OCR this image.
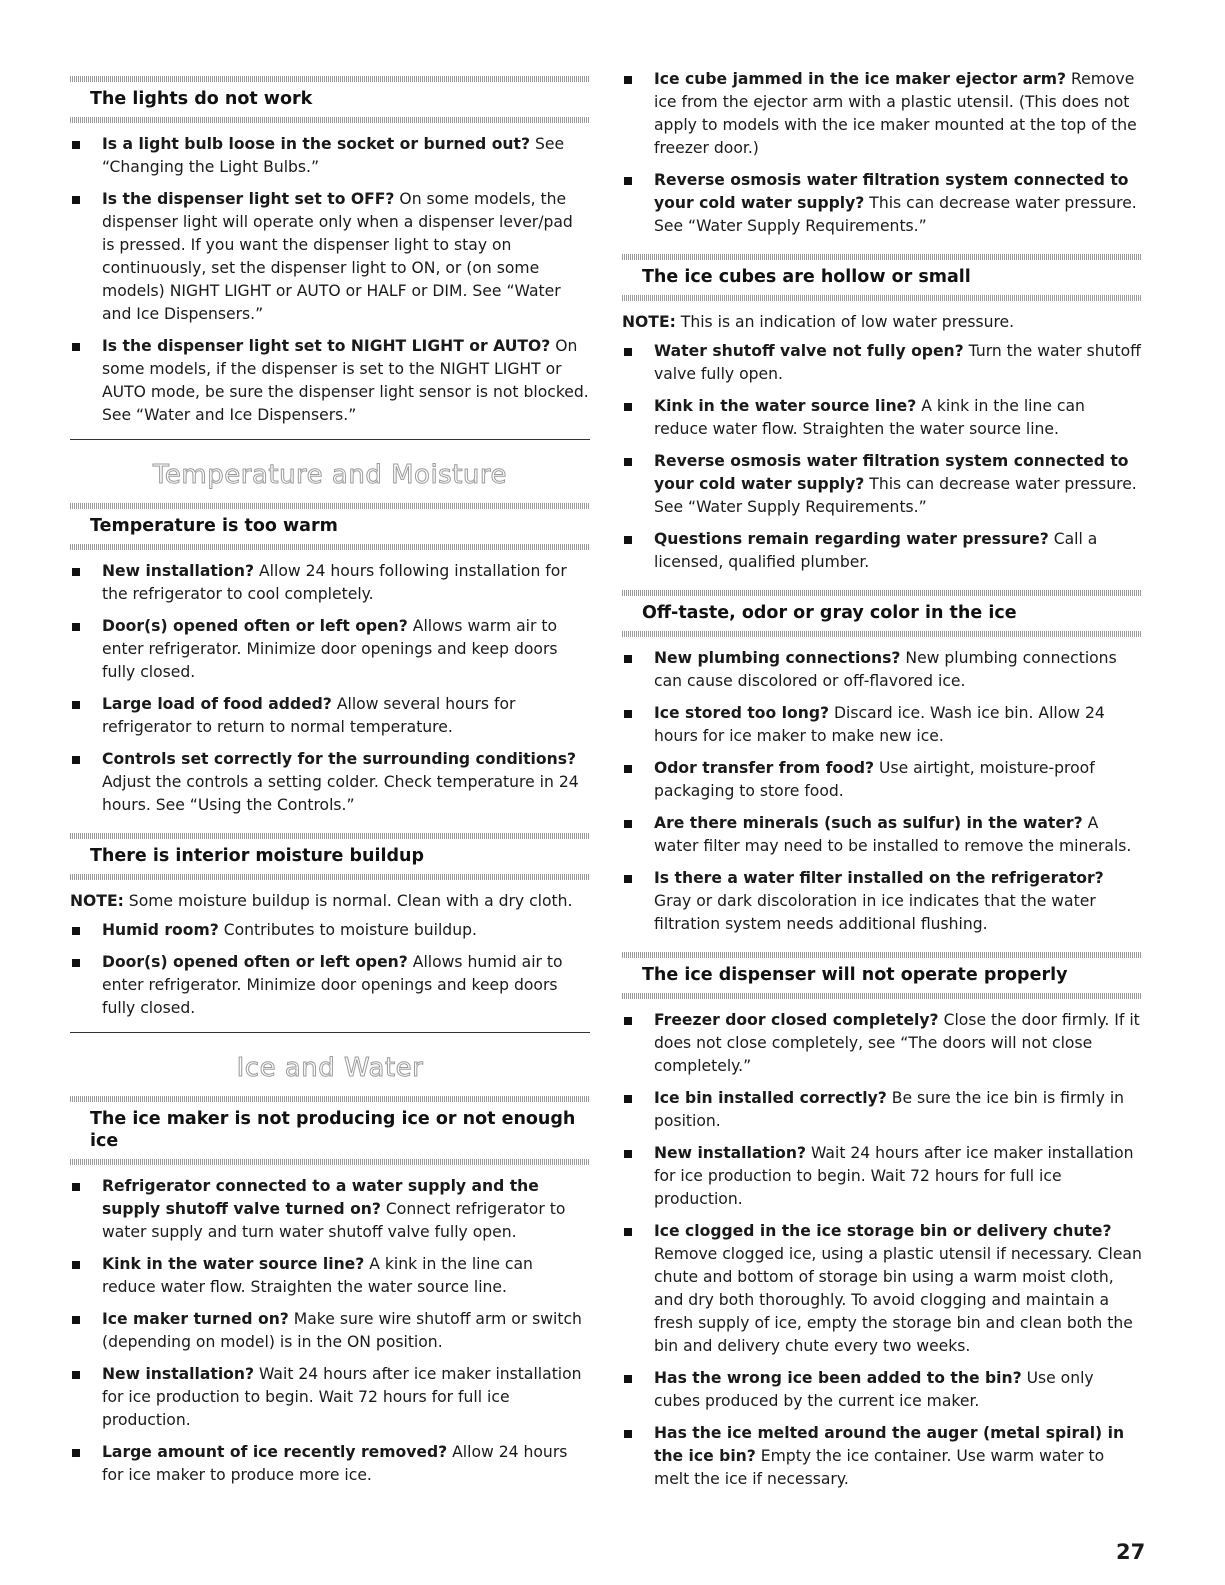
The lights do not work
Is a light bulb loose in the socket or burned out? See “Changing the Light Bulbs.”
Is the dispenser light set to OFF? On some models, the dispenser light will operate only when a dispenser lever/pad is pressed. If you want the dispenser light to stay on continuously, set the dispenser light to ON, or (on some models) NIGHT LIGHT or AUTO or HALF or DIM. See “Water and Ice Dispensers.”
Is the dispenser light set to NIGHT LIGHT or AUTO? On some models, if the dispenser is set to the NIGHT LIGHT or AUTO mode, be sure the dispenser light sensor is not blocked. See “Water and Ice Dispensers.”
Temperature and Moisture
Temperature is too warm
New installation? Allow 24 hours following installation for the refrigerator to cool completely.
Door(s) opened often or left open? Allows warm air to enter refrigerator. Minimize door openings and keep doors fully closed.
Large load of food added? Allow several hours for refrigerator to return to normal temperature.
Controls set correctly for the surrounding conditions? Adjust the controls a setting colder. Check temperature in 24 hours. See “Using the Controls.”
There is interior moisture buildup
NOTE: Some moisture buildup is normal. Clean with a dry cloth.
Humid room? Contributes to moisture buildup.
Door(s) opened often or left open? Allows humid air to enter refrigerator. Minimize door openings and keep doors fully closed.
Ice and Water
The ice maker is not producing ice or not enough ice
Refrigerator connected to a water supply and the supply shutoff valve turned on? Connect refrigerator to water supply and turn water shutoff valve fully open.
Kink in the water source line? A kink in the line can reduce water flow. Straighten the water source line.
Ice maker turned on? Make sure wire shutoff arm or switch (depending on model) is in the ON position.
New installation? Wait 24 hours after ice maker installation for ice production to begin. Wait 72 hours for full ice production.
Large amount of ice recently removed? Allow 24 hours for ice maker to produce more ice.
Ice cube jammed in the ice maker ejector arm? Remove ice from the ejector arm with a plastic utensil. (This does not apply to models with the ice maker mounted at the top of the freezer door.)
Reverse osmosis water filtration system connected to your cold water supply? This can decrease water pressure. See “Water Supply Requirements.”
The ice cubes are hollow or small
NOTE: This is an indication of low water pressure.
Water shutoff valve not fully open? Turn the water shutoff valve fully open.
Kink in the water source line? A kink in the line can reduce water flow. Straighten the water source line.
Reverse osmosis water filtration system connected to your cold water supply? This can decrease water pressure. See “Water Supply Requirements.”
Questions remain regarding water pressure? Call a licensed, qualified plumber.
Off-taste, odor or gray color in the ice
New plumbing connections? New plumbing connections can cause discolored or off-flavored ice.
Ice stored too long? Discard ice. Wash ice bin. Allow 24 hours for ice maker to make new ice.
Odor transfer from food? Use airtight, moisture-proof packaging to store food.
Are there minerals (such as sulfur) in the water? A water filter may need to be installed to remove the minerals.
Is there a water filter installed on the refrigerator? Gray or dark discoloration in ice indicates that the water filtration system needs additional flushing.
The ice dispenser will not operate properly
Freezer door closed completely? Close the door firmly. If it does not close completely, see “The doors will not close completely.”
Ice bin installed correctly? Be sure the ice bin is firmly in position.
New installation? Wait 24 hours after ice maker installation for ice production to begin. Wait 72 hours for full ice production.
Ice clogged in the ice storage bin or delivery chute? Remove clogged ice, using a plastic utensil if necessary. Clean chute and bottom of storage bin using a warm moist cloth, and dry both thoroughly. To avoid clogging and maintain a fresh supply of ice, empty the storage bin and clean both the bin and delivery chute every two weeks.
Has the wrong ice been added to the bin? Use only cubes produced by the current ice maker.
Has the ice melted around the auger (metal spiral) in the ice bin? Empty the ice container. Use warm water to melt the ice if necessary.
27
